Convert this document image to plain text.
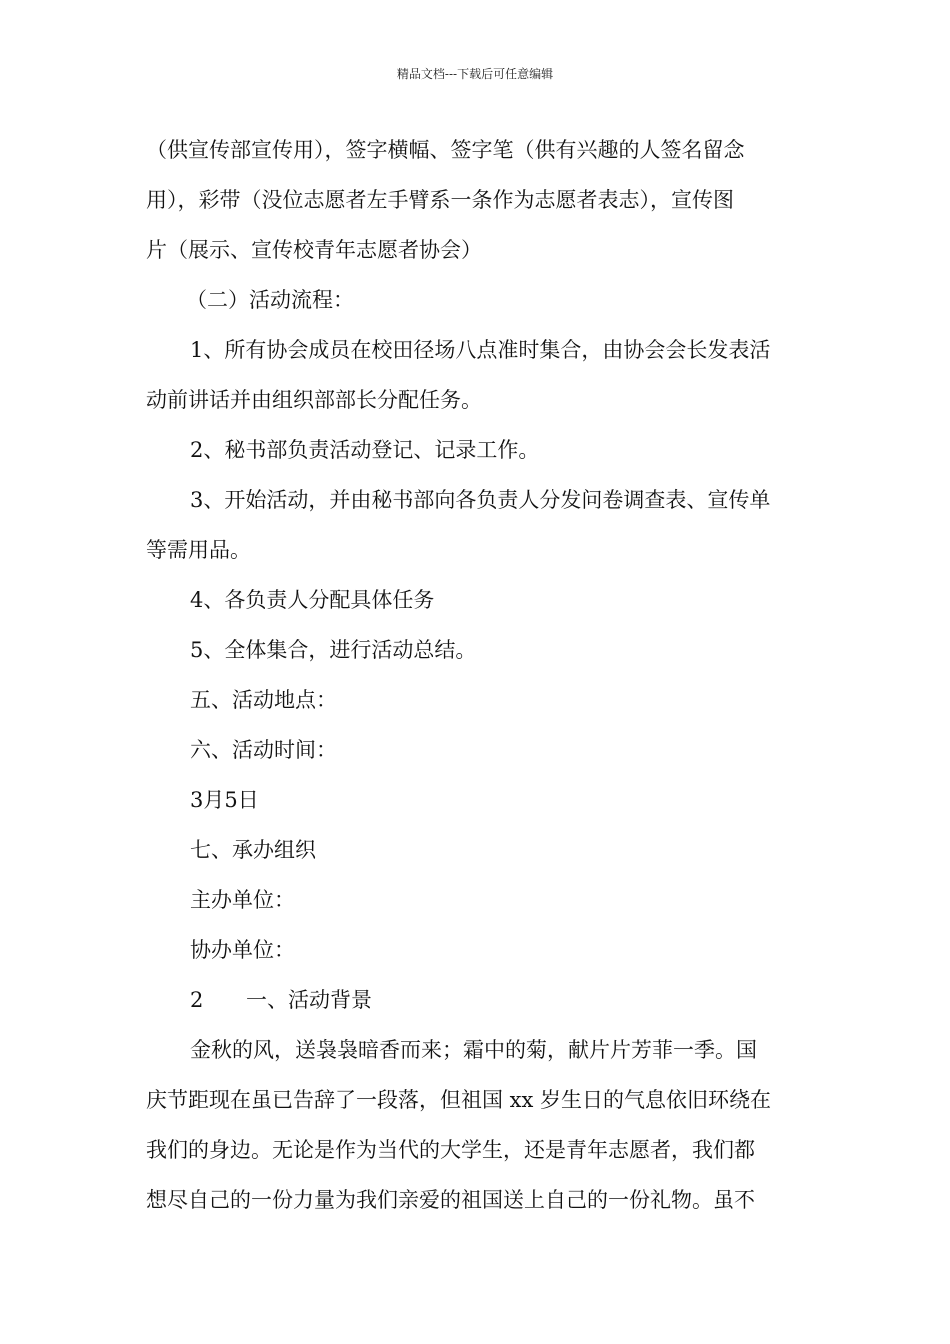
精品文档---下载后可任意编辑
（供宣传部宣传用），签字横幅、签字笔（供有兴趣的人签名留念
用），彩带（没位志愿者左手臂系一条作为志愿者表志），宣传图
片（展示、宣传校青年志愿者协会）
（二）活动流程：
1、所有协会成员在校田径场八点准时集合，由协会会长发表活
动前讲话并由组织部部长分配任务。
2、秘书部负责活动登记、记录工作。
3、开始活动，并由秘书部向各负责人分发问卷调查表、宣传单
等需用品。
4、各负责人分配具体任务
5、全体集合，进行活动总结。
五、活动地点：
六、活动时间：
3月5日
七、承办组织
主办单位：
协办单位：
2 一、活动背景
金秋的风，送袅袅暗香而来；霜中的菊，献片片芳菲一季。国
庆节距现在虽已告辞了一段落，但祖国 xx 岁生日的气息依旧环绕在
我们的身边。无论是作为当代的大学生，还是青年志愿者，我们都
想尽自己的一份力量为我们亲爱的祖国送上自己的一份礼物。虽不
